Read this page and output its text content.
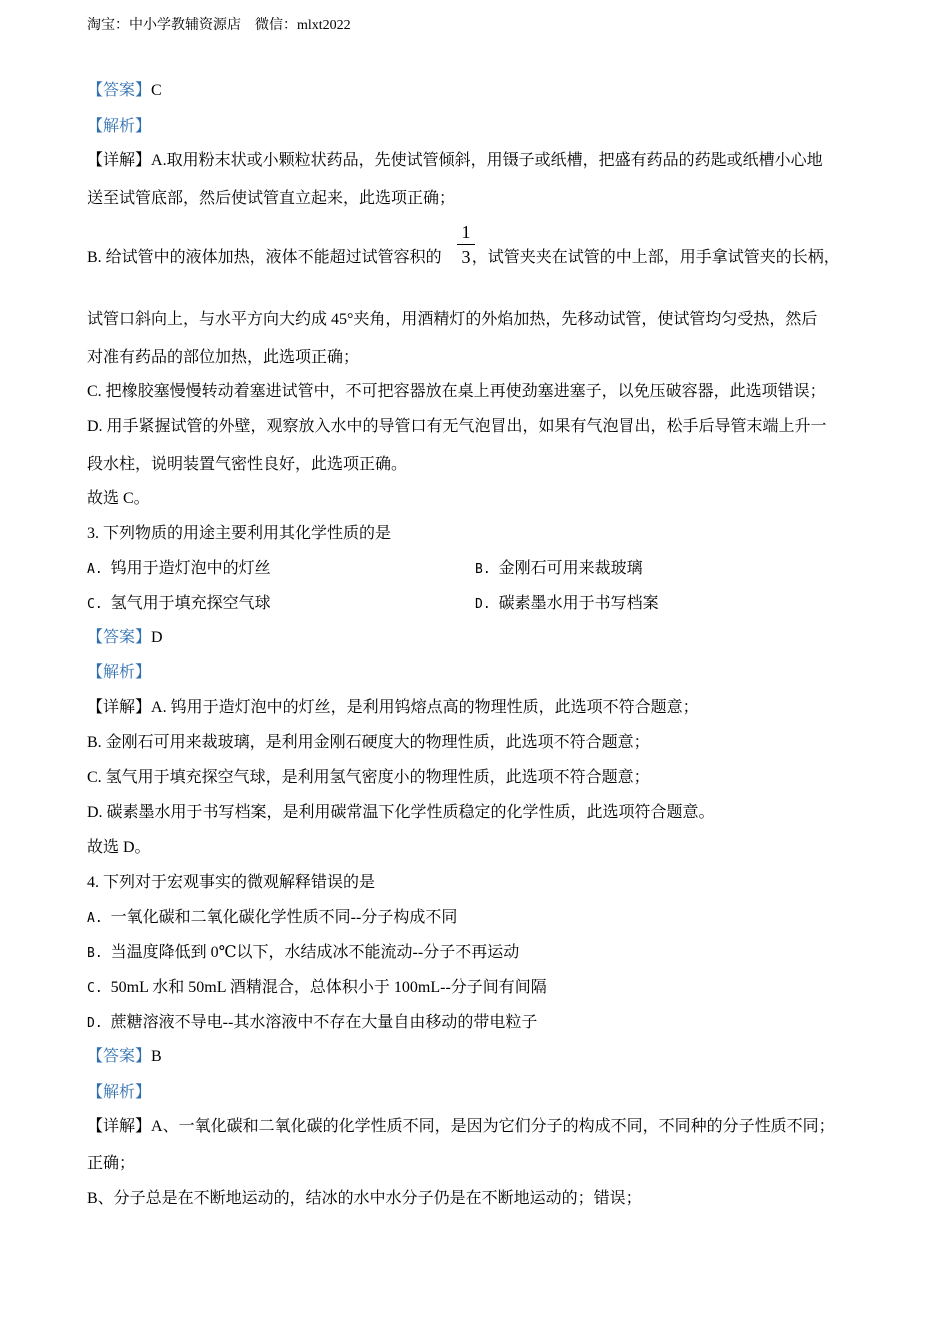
淘宝：中小学教辅资源店 微信：mlxt2022
【答案】C
【解析】
【详解】A.取用粉末状或小颗粒状药品，先使试管倾斜，用镊子或纸槽，把盛有药品的药匙或纸槽小心地
送至试管底部，然后使试管直立起来，此选项正确；
B. 给试管中的液体加热，液体不能超过试管容积的 ，试管夹夹在试管的中上部，用手拿试管夹的长柄，
1
3
试管口斜向上，与水平方向大约成 45°夹角，用酒精灯的外焰加热，先移动试管，使试管均匀受热，然后
对准有药品的部位加热，此选项正确；
C. 把橡胶塞慢慢转动着塞进试管中，不可把容器放在桌上再使劲塞进塞子，以免压破容器，此选项错误；
D. 用手紧握试管的外壁，观察放入水中的导管口有无气泡冒出，如果有气泡冒出，松手后导管末端上升一
段水柱，说明装置气密性良好，此选项正确。
故选 C。
3. 下列物质的用途主要利用其化学性质的是
A. 钨用于造灯泡中的灯丝	B. 金刚石可用来裁玻璃
C. 氢气用于填充探空气球	D. 碳素墨水用于书写档案
【答案】D
【解析】
【详解】A. 钨用于造灯泡中的灯丝，是利用钨熔点高的物理性质，此选项不符合题意；
B. 金刚石可用来裁玻璃，是利用金刚石硬度大的物理性质，此选项不符合题意；
C. 氢气用于填充探空气球，是利用氢气密度小的物理性质，此选项不符合题意；
D. 碳素墨水用于书写档案，是利用碳常温下化学性质稳定的化学性质，此选项符合题意。
故选 D。
4. 下列对于宏观事实的微观解释错误的是
A. 一氧化碳和二氧化碳化学性质不同--分子构成不同
B. 当温度降低到 0℃以下，水结成冰不能流动--分子不再运动
C. 50mL 水和 50mL 酒精混合，总体积小于 100mL--分子间有间隔
D. 蔗糖溶液不导电--其水溶液中不存在大量自由移动的带电粒子
【答案】B
【解析】
【详解】A、一氧化碳和二氧化碳的化学性质不同，是因为它们分子的构成不同，不同种的分子性质不同；
正确；
B、分子总是在不断地运动的，结冰的水中水分子仍是在不断地运动的；错误；
